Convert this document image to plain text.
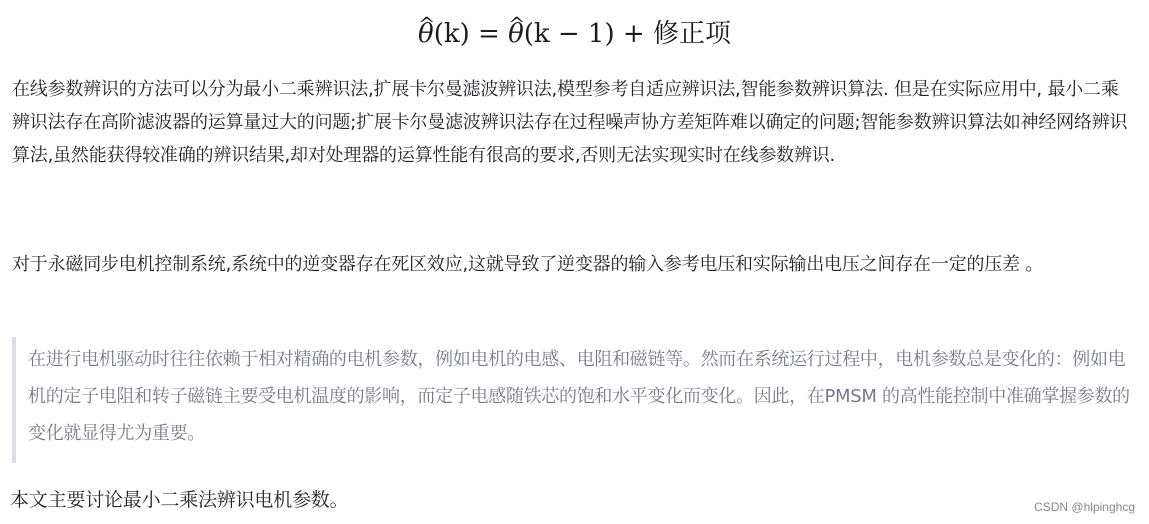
^ θ(k) = ^ θ(k − 1) + 修正项

在线参数辨识的方法可以分为最小二乘辨识法,扩展卡尔曼滤波辨识法,模型参考自适应辨识法,智能参数辨识算法. 但是在实际应用中, 最小二乘辨识法存在高阶滤波器的运算量过大的问题;扩展卡尔曼滤波辨识法存在过程噪声协方差矩阵难以确定的问题;智能参数辨识算法如神经网络辨识算法,虽然能获得较准确的辨识结果,却对处理器的运算性能有很高的要求,否则无法实现实时在线参数辨识.

对于永磁同步电机控制系统,系统中的逆变器存在死区效应,这就导致了逆变器的输入参考电压和实际输出电压之间存在一定的压差 。

在进行电机驱动时往往依赖于相对精确的电机参数，例如电机的电感、电阻和磁链等。然而在系统运行过程中，电机参数总是变化的：例如电机的定子电阻和转子磁链主要受电机温度的影响，而定子电感随铁芯的饱和水平变化而变化。因此，在PMSM 的高性能控制中准确掌握参数的变化就显得尤为重要。

本文主要讨论最小二乘法辨识电机参数。	CSDN @hlpinghcg
